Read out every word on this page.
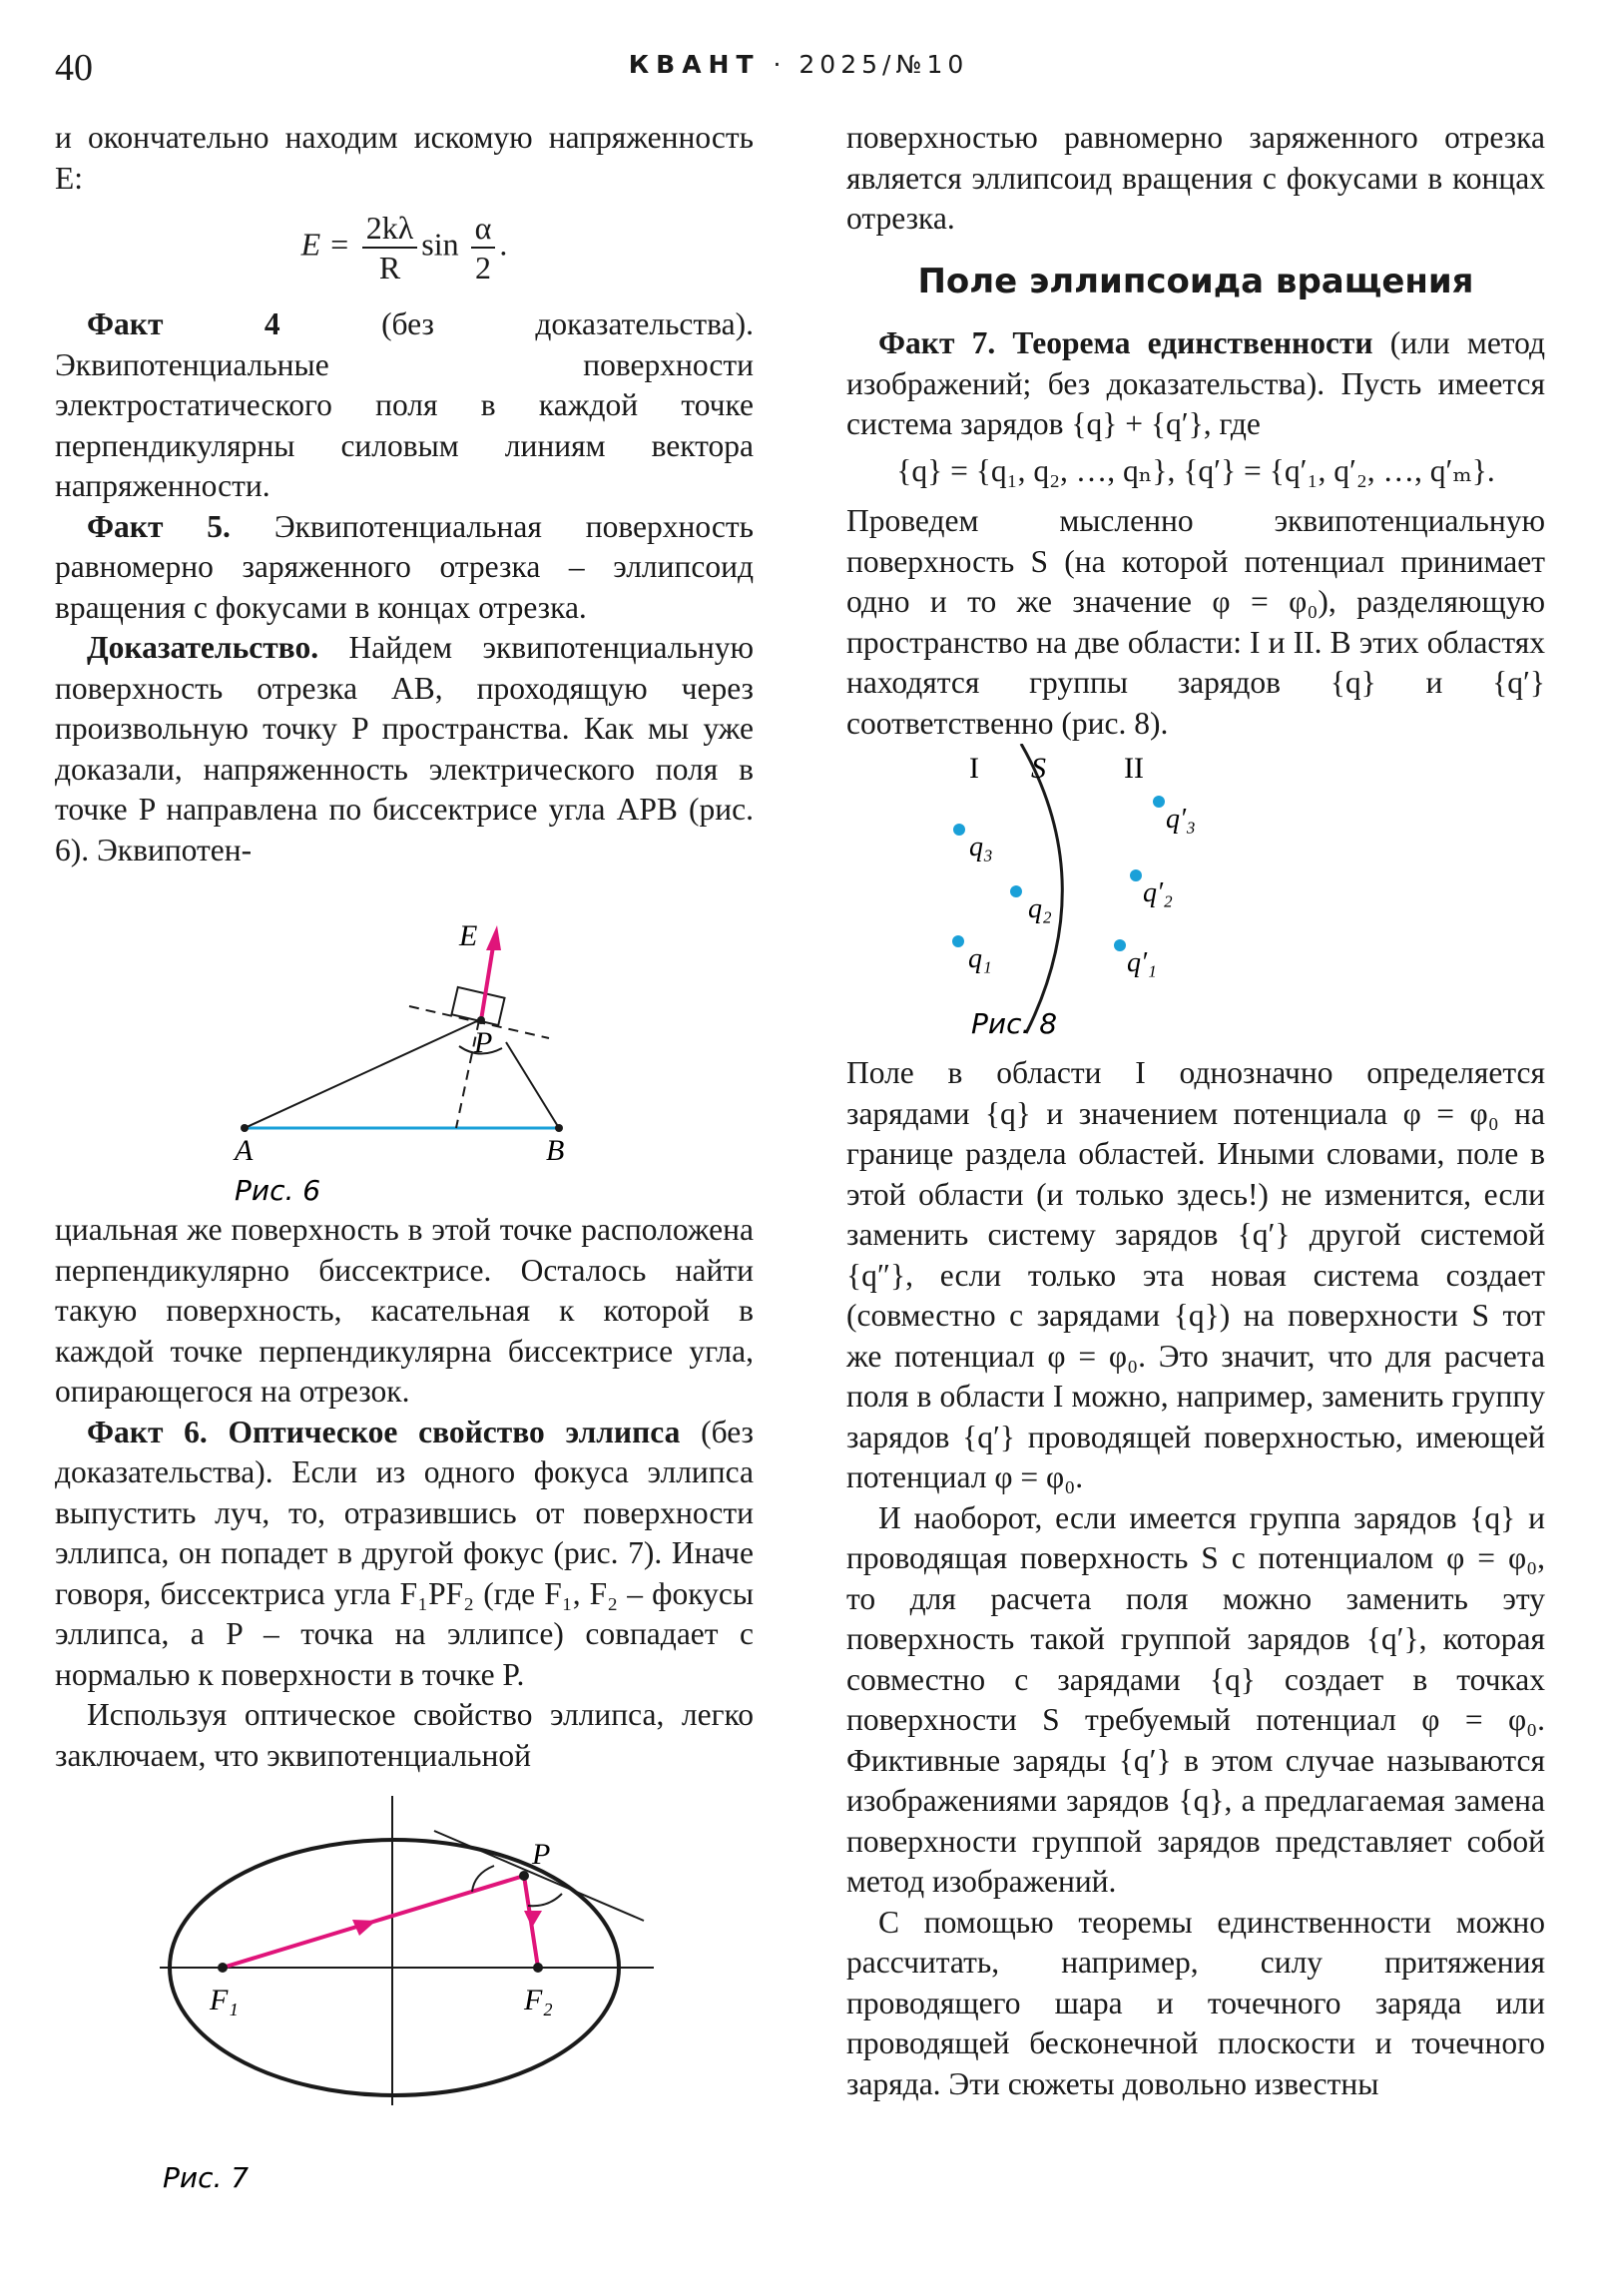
40	КВАНТ · 2025/№10

и окончательно находим искомую напряженность E:

$E = \frac{2k\lambda}{R}$ $\sin \frac{\alpha}{2}$ .

Факт 4	(без доказательства). Эквипотенциальные поверхности электростатического поля в каждой точке перпендикулярны силовым линиям вектора напряженности.

Факт 5. Эквипотенциальная поверхность равномерно заряженного отрезка – эллипсоид вращения с фокусами в концах отрезка.

Доказательство. Найдем эквипотенциальную поверхность отрезка AB, проходящую через произвольную точку P пространства. Как мы уже доказали, напряженность электрического поля в точке P направлена по биссектрисе угла APB (рис. 6). Эквипотен-

E
P
A	B
Рис. 6

циальная же поверхность в этой точке расположена перпендикулярно биссектрисе. Осталось найти такую поверхность, касательная к которой в каждой точке перпендикулярна биссектрисе угла, опирающегося на отрезок.

Факт 6. Оптическое свойство эллипса (без доказательства). Если из одного фокуса эллипса выпустить луч, то, отразившись от поверхности эллипса, он попадет в другой фокус (рис. 7). Иначе говоря, биссектриса угла F₁PF₂ (где F₁, F₂ – фокусы эллипса, а P – точка на эллипсе) совпадает с нормалью к поверхности в точке P.

Используя оптическое свойство эллипса, легко заключаем, что эквипотенциальной

P
F₁	F₂
Рис. 7

поверхностью равномерно заряженного отрезка является эллипсоид вращения с фокусами в концах отрезка.

Поле эллипсоида вращения

Факт 7. Теорема единственности (или метод изображений; без доказательства). Пусть имеется система зарядов {q} + {q′}, где

{q} = {q₁, q₂, …, qₙ}, {q′} = {q′₁, q′₂, …, q′ₘ}.

Проведем мысленно эквипотенциальную поверхность S (на которой потенциал принимает одно и то же значение φ = φ₀), разделяющую пространство на две области: I и II. В этих областях находятся группы зарядов {q} и {q′} соответственно (рис. 8).

S
I	II
q₃
q₂
q₁
q′₃
q′₂
q′₁
Рис. 8

Поле в области I однозначно определяется зарядами {q} и значением потенциала φ = φ₀ на границе раздела областей. Иными словами, поле в этой области (и только здесь!) не изменится, если заменить систему зарядов {q′} другой системой {q″}, если только эта новая система создает (совместно с зарядами {q}) на поверхности S тот же потенциал φ = φ₀. Это значит, что для расчета поля в области I можно, например, заменить группу зарядов {q′} проводящей поверхностью, имеющей потенциал φ = φ₀.

И наоборот, если имеется группа зарядов {q} и проводящая поверхность S с потенциалом φ = φ₀, то для расчета поля можно заменить эту поверхность такой группой зарядов {q′}, которая совместно с зарядами {q} создает в точках поверхности S требуемый потенциал φ = φ₀. Фиктивные заряды {q′} в этом случае называются изображениями зарядов {q}, а предлагаемая замена поверхности группой зарядов представляет собой метод изображений.

С помощью теоремы единственности можно рассчитать, например, силу притяжения проводящего шара и точечного заряда или проводящей бесконечной плоскости и точечного заряда. Эти сюжеты довольно известны
